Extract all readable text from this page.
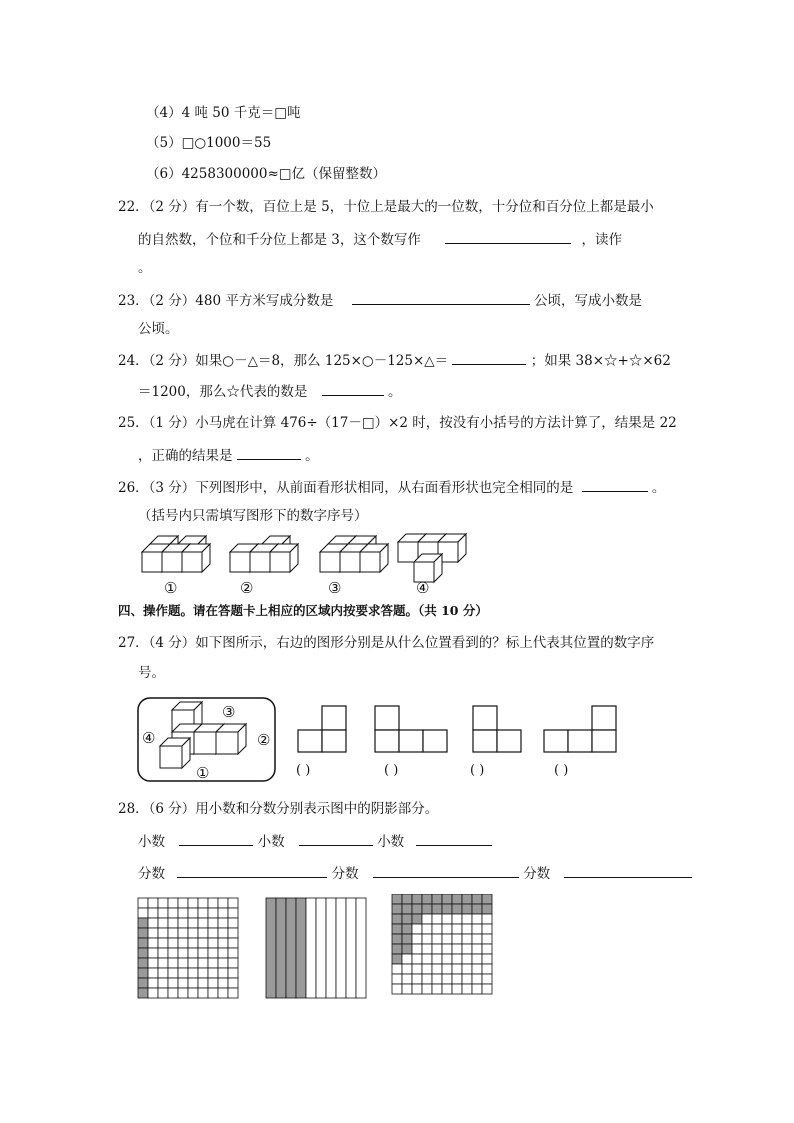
（4）4 吨 50 千克＝□吨
（5）□○1000＝55
（6）4258300000≈□亿（保留整数）
22．（2 分）有一个数，百位上是 5，十位上是最大的一位数，十分位和百分位上都是最小
的自然数，个位和千分位上都是 3，这个数写作	，读作
。
23．（2 分）480 平方米写成分数是	公顷，写成小数是
公顷。
24．（2 分）如果○－△＝8，那么 125×○－125×△＝	；如果 38×☆+☆×62
＝1200，那么☆代表的数是	。
25．（1 分）小马虎在计算 476÷（17－□）×2 时，按没有小括号的方法计算了，结果是 22
，正确的结果是	。
26．（3 分）下列图形中，从前面看形状相同，从右面看形状也完全相同的是	。
（括号内只需填写图形下的数字序号）
①	②	③	④
四、操作题。请在答题卡上相应的区域内按要求答题。（共 10 分）
27．（4 分）如下图所示，右边的图形分别是从什么位置看到的？标上代表其位置的数字序
号。
④
③
②
①	( )	( )	( )	( )
28．（6 分）用小数和分数分别表示图中的阴影部分。
小数	小数	小数
分数	分数	分数
